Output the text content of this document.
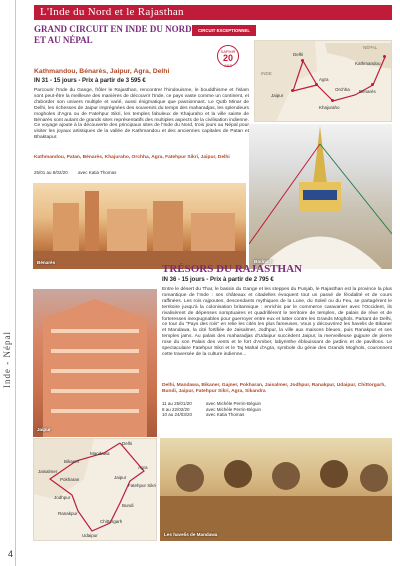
Inde - Népal
4
L'Inde du Nord et le Rajasthan
GRAND CIRCUIT EN INDE DU NORD
ET AU NÉPAL
CIRCUIT EXCEPTIONNEL
SAPHIR
20
ANS
Kathmandou, Bénarès, Jaipur, Agra, Delhi
IN 31 - 15 jours - Prix à partir de 3 595 €
Parcourir l'Inde du Gange, frôler le Rajasthan, rencontrer l'hindouisme, le bouddhisme et l'islam sont peut-être la meilleure des manières de découvrir l'Inde, ce pays vaste comme un continent, et d'aborder son univers multiple et varié, aussi énigmatique que passionnant. Le Qutb Minar de Delhi, les richesses de Jaipur imprégnées des souvenirs du temps des maharadjas, les splendeurs mogholes d'Agra ou de Fatehpur Sikri, les temples fabuleux de Khajuraho et la ville sainte de Bénarès sont autant de grands sites représentatifs des multiples aspects de la civilisation indienne. Ce voyage ajoute à la découverte des principaux sites de l'Inde du Nord, trois jours au Népal pour visiter les joyaux artistiques de la vallée de Kathmandou et des anciennes capitales de Patan et Bhaktapur.
Kathmandou, Patan, Bénarès, Khajuraho, Orchha, Agra, Fatehpur Sikri, Jaipur, Delhi
25/01 au 8/02/20	avec Katia Thomas
Delhi
Kathmandou
Agra
Jaipur
Khajuraho
Bénarès
Orchha
NÉPAL
INDE
Bénarès	Bodnath
Jaipur
TRÉSORS DU RAJASTHAN
IN 36 - 15 jours - Prix à partir de 2 795 €
Entre le désert du Thar, le bassin du Gange et les steppes du Punjab, le Rajasthan est la province la plus romantique de l'Inde : ses châteaux et citadelles évoquent tout un passé de féodalité et de cours raffinées. Les rois rajpoutes, descendants mythiques de la Lune, du Soleil ou du Feu, se partagèrent le territoire jusqu'à la colonisation britannique : enrichis par le commerce caravanier avec l'Occident, ils rivalisèrent de dépenses somptuaires et quadrillèrent le territoire de temples, de palais de rêve et de forteresses inexpugnables pour guerroyer entre eux et lutter contre les Grands Moghols. Partant de Delhi, ce tour du "Pays des rois" en relie les cités les plus fameuses. Vous y découvrirez les havelis de Bikaner et Mandawa, la cité fortifiée de Jaisalmer, Jodhpur, la ville aux maisons bleues, puis Ranakpur et ses temples jaïns. Au palais des maharadjas d'Udaipur succèdent Jaipur, la merveilleuse gujpure de pierre rose du son Palais des vents et le fort d'Amber, labyrinthe éblouissant de jardins et de pavillons. Le spectaculaire Fatehpur Sikri et le Taj Mahal d'Agra, symbole du génie des Grands Moghols, couronnent cette traversée de la culture indienne...
Delhi, Mandawa, Bikaner, Gajner, Pokharan, Jaisalmer, Jodhpur, Ranakpur, Udaipur, Chittorgarh, Bundi, Jaipur, Fatehpur Sikri, Agra, Sikandra
11 au 25/01/20	avec Michèle Perrin-Béguin
8 au 22/02/20	avec Michèle Perrin-Béguin
10 au 24/03/20	avec Katia Thomas
Delhi
Mandawa
Bikaner
Jaisalmer
Pokharan
Jodhpur
Ranakpur
Udaipur
Chittorgarh
Bundi
Jaipur
Agra
Fatehpur Sikri
Les havelis de Mandawa
